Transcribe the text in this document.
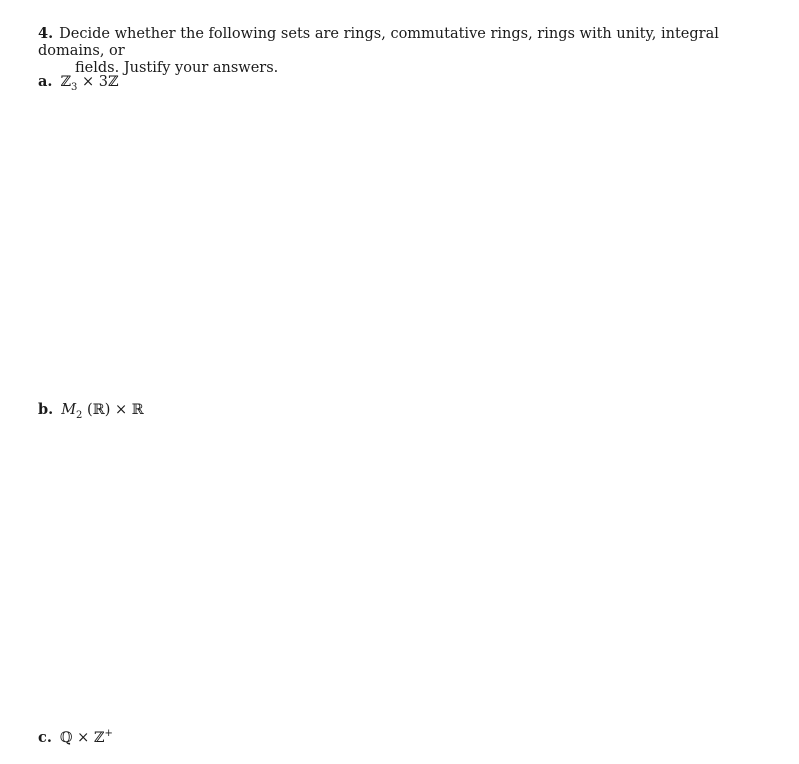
4. Decide whether the following sets are rings, commutative rings, rings with unity, integral domains, or
fields. Justify your answers.
a. ℤ$_3$ × 3ℤ
b. $M_2$ (ℝ) × ℝ
c. ℚ × ℤ+
